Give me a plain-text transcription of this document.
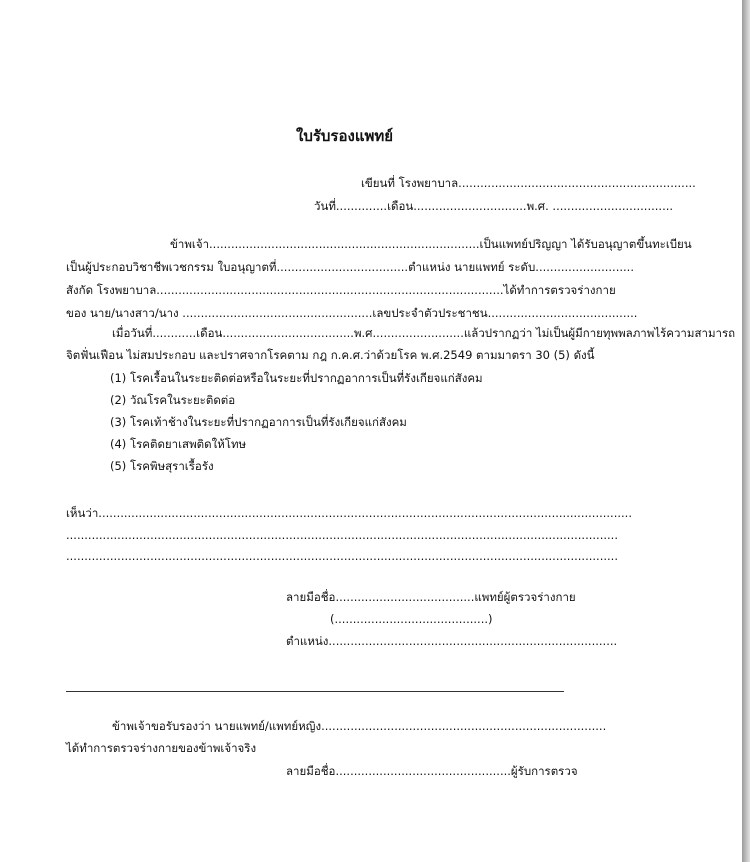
ใบรับรองแพทย์
เขียนที่ โรงพยาบาล.................................................................
วันที่..............เดือน...............................พ.ศ. .................................
ข้าพเจ้า..........................................................................เป็นแพทย์ปริญญา ได้รับอนุญาตขึ้นทะเบียน
เป็นผู้ประกอบวิชาชีพเวชกรรม ใบอนุญาตที่....................................ตำแหน่ง นายแพทย์ ระดับ...........................
สังกัด โรงพยาบาล...............................................................................................ได้ทำการตรวจร่างกาย
ของ นาย/นางสาว/นาง ....................................................เลขประจำตัวประชาชน.........................................
เมื่อวันที่............เดือน....................................พ.ศ.........................แล้วปรากฏว่า ไม่เป็นผู้มีกายทุพพลภาพไร้ความสามารถ
จิตฟั่นเฟือน ไม่สมประกอบ และปราศจากโรคตาม กฎ ก.ค.ศ.ว่าด้วยโรค พ.ศ.2549 ตามมาตรา 30 (5) ดังนี้
(1) โรคเรื้อนในระยะติดต่อหรือในระยะที่ปรากฏอาการเป็นที่รังเกียจแก่สังคม
(2) วัณโรคในระยะติดต่อ
(3) โรคเท้าช้างในระยะที่ปรากฏอาการเป็นที่รังเกียจแก่สังคม
(4) โรคติดยาเสพติดให้โทษ
(5) โรคพิษสุราเรื้อรัง
เห็นว่า..................................................................................................................................................
.......................................................................................................................................................
.......................................................................................................................................................
ลายมือชื่อ......................................แพทย์ผู้ตรวจร่างกาย
(..........................................)
ตำแหน่ง...............................................................................
ข้าพเจ้าขอรับรองว่า นายแพทย์/แพทย์หญิง..............................................................................
ได้ทำการตรวจร่างกายของข้าพเจ้าจริง
ลายมือชื่อ................................................ผู้รับการตรวจ
